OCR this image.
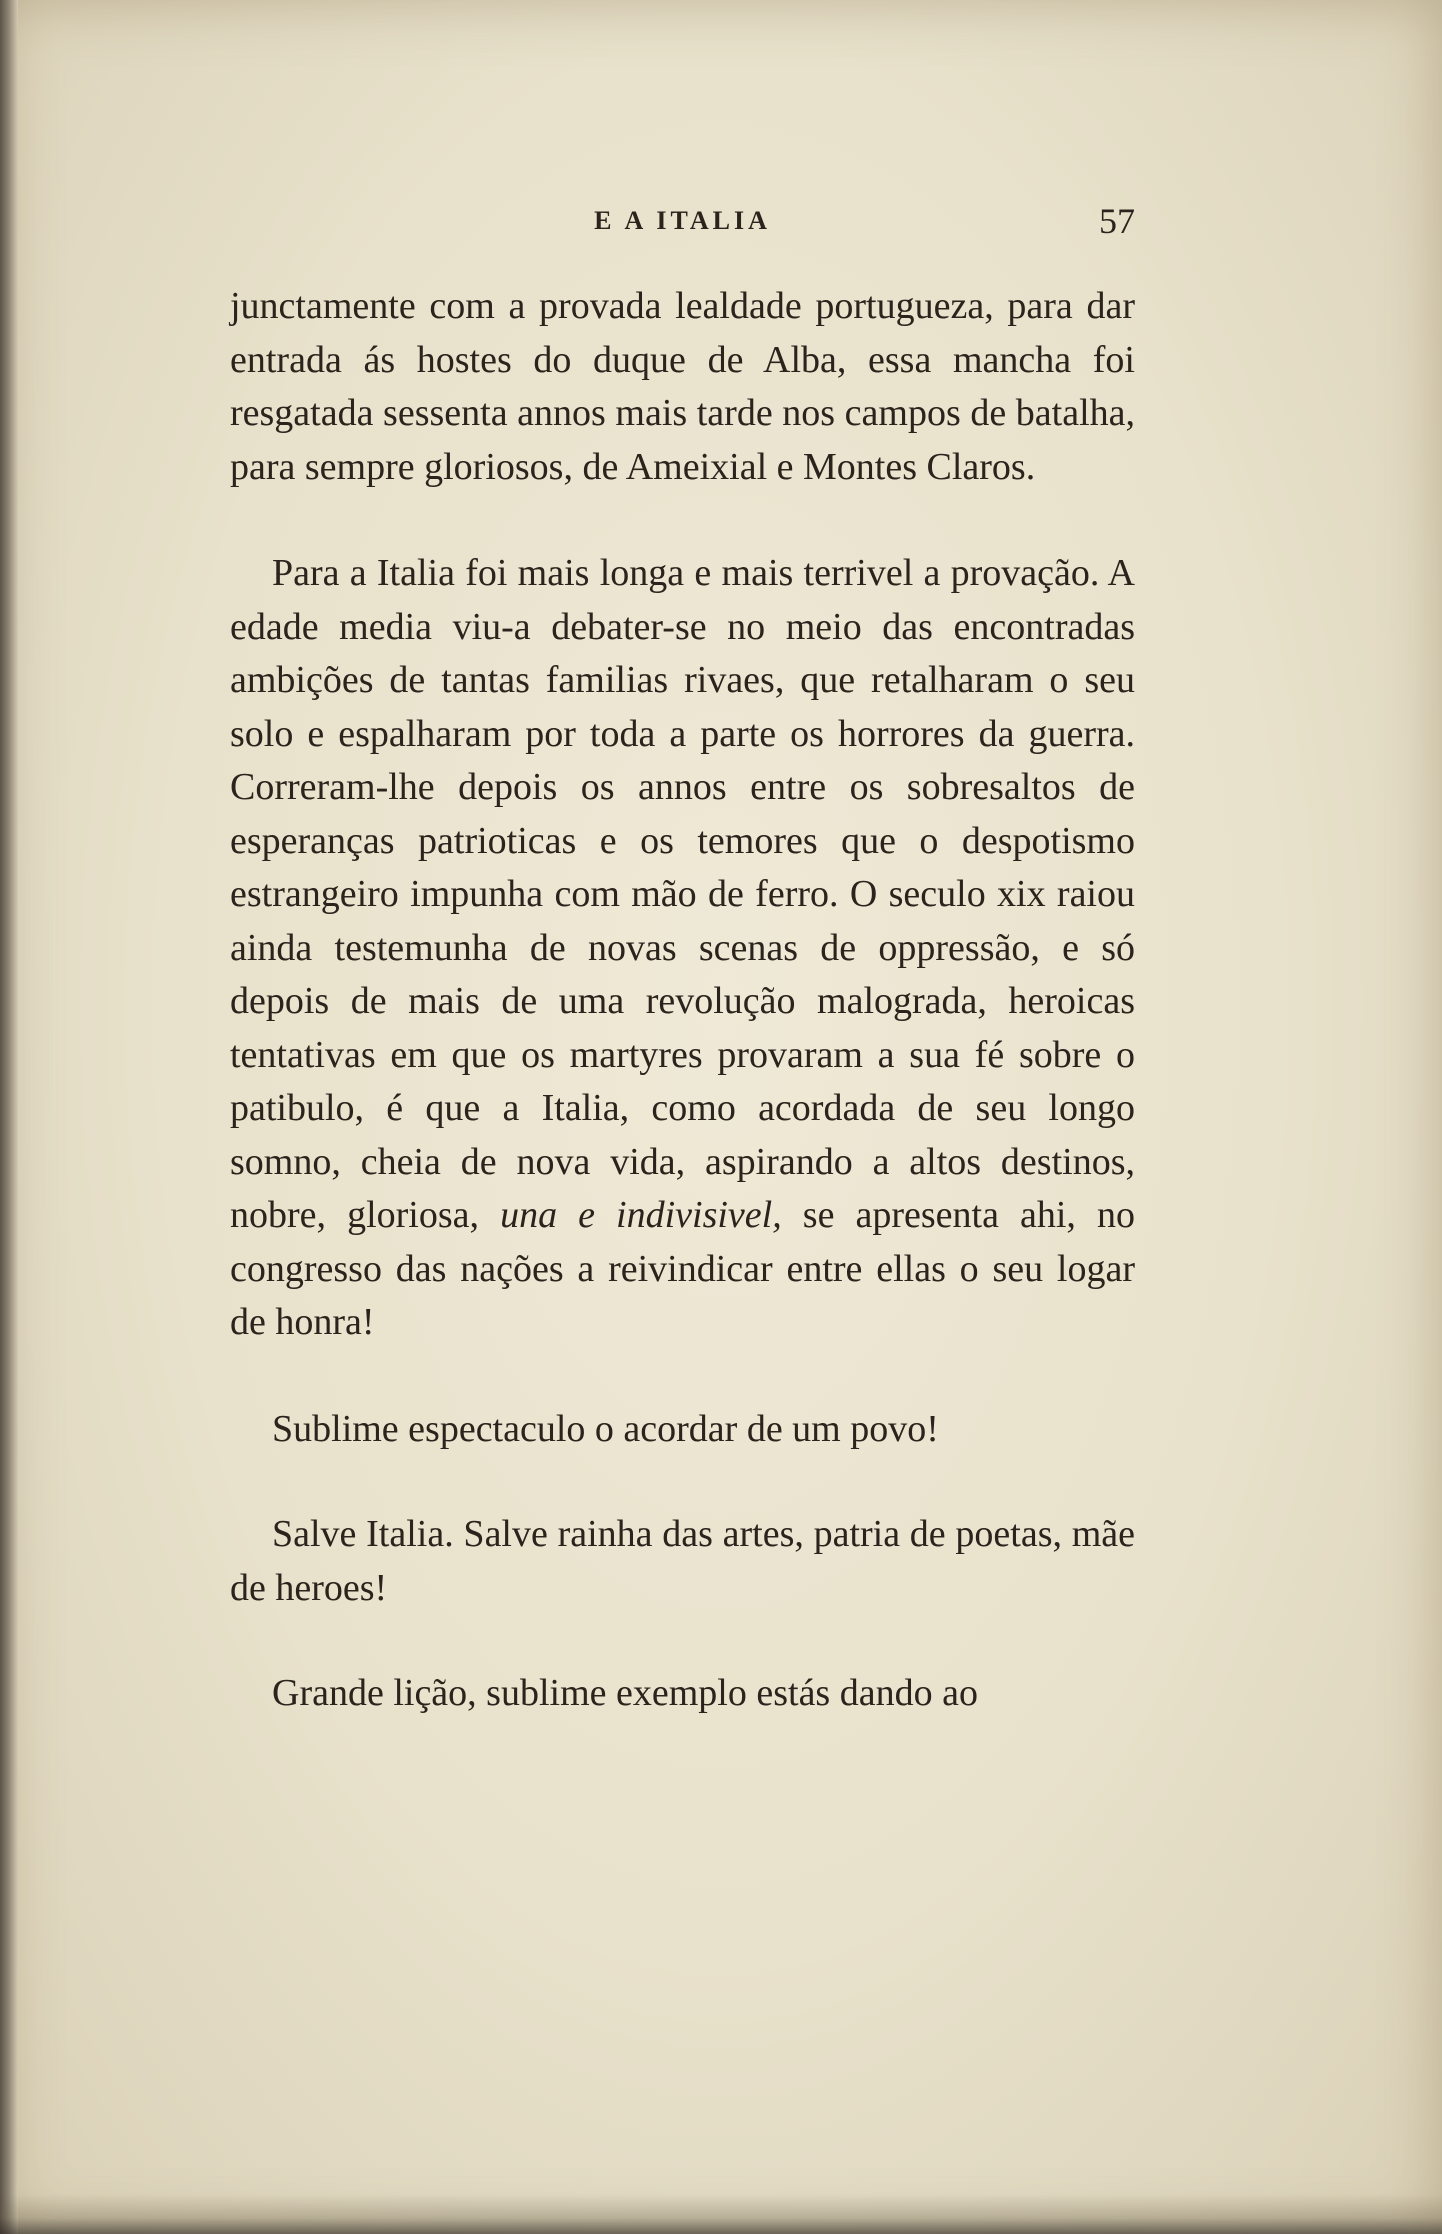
E A ITALIA	57

junctamente com a provada lealdade portugueza, para dar entrada ás hostes do duque de Alba, essa mancha foi resgatada sessenta annos mais tarde nos campos de batalha, para sempre gloriosos, de Ameixial e Montes Claros.

Para a Italia foi mais longa e mais terrivel a provação. A edade media viu-a debater-se no meio das encontradas ambições de tantas familias rivaes, que retalharam o seu solo e espalharam por toda a parte os horrores da guerra. Correram-lhe depois os annos entre os sobresaltos de esperanças patrioticas e os temores que o despotismo estrangeiro impunha com mão de ferro. O seculo xix raiou ainda testemunha de novas scenas de oppressão, e só depois de mais de uma revolução malograda, heroicas tentativas em que os martyres provaram a sua fé sobre o patibulo, é que a Italia, como acordada de seu longo somno, cheia de nova vida, aspirando a altos destinos, nobre, gloriosa, una e indivisivel, se apresenta ahi, no congresso das nações a reivindicar entre ellas o seu logar de honra!

Sublime espectaculo o acordar de um povo!

Salve Italia. Salve rainha das artes, patria de poetas, mãe de heroes!

Grande lição, sublime exemplo estás dando ao
